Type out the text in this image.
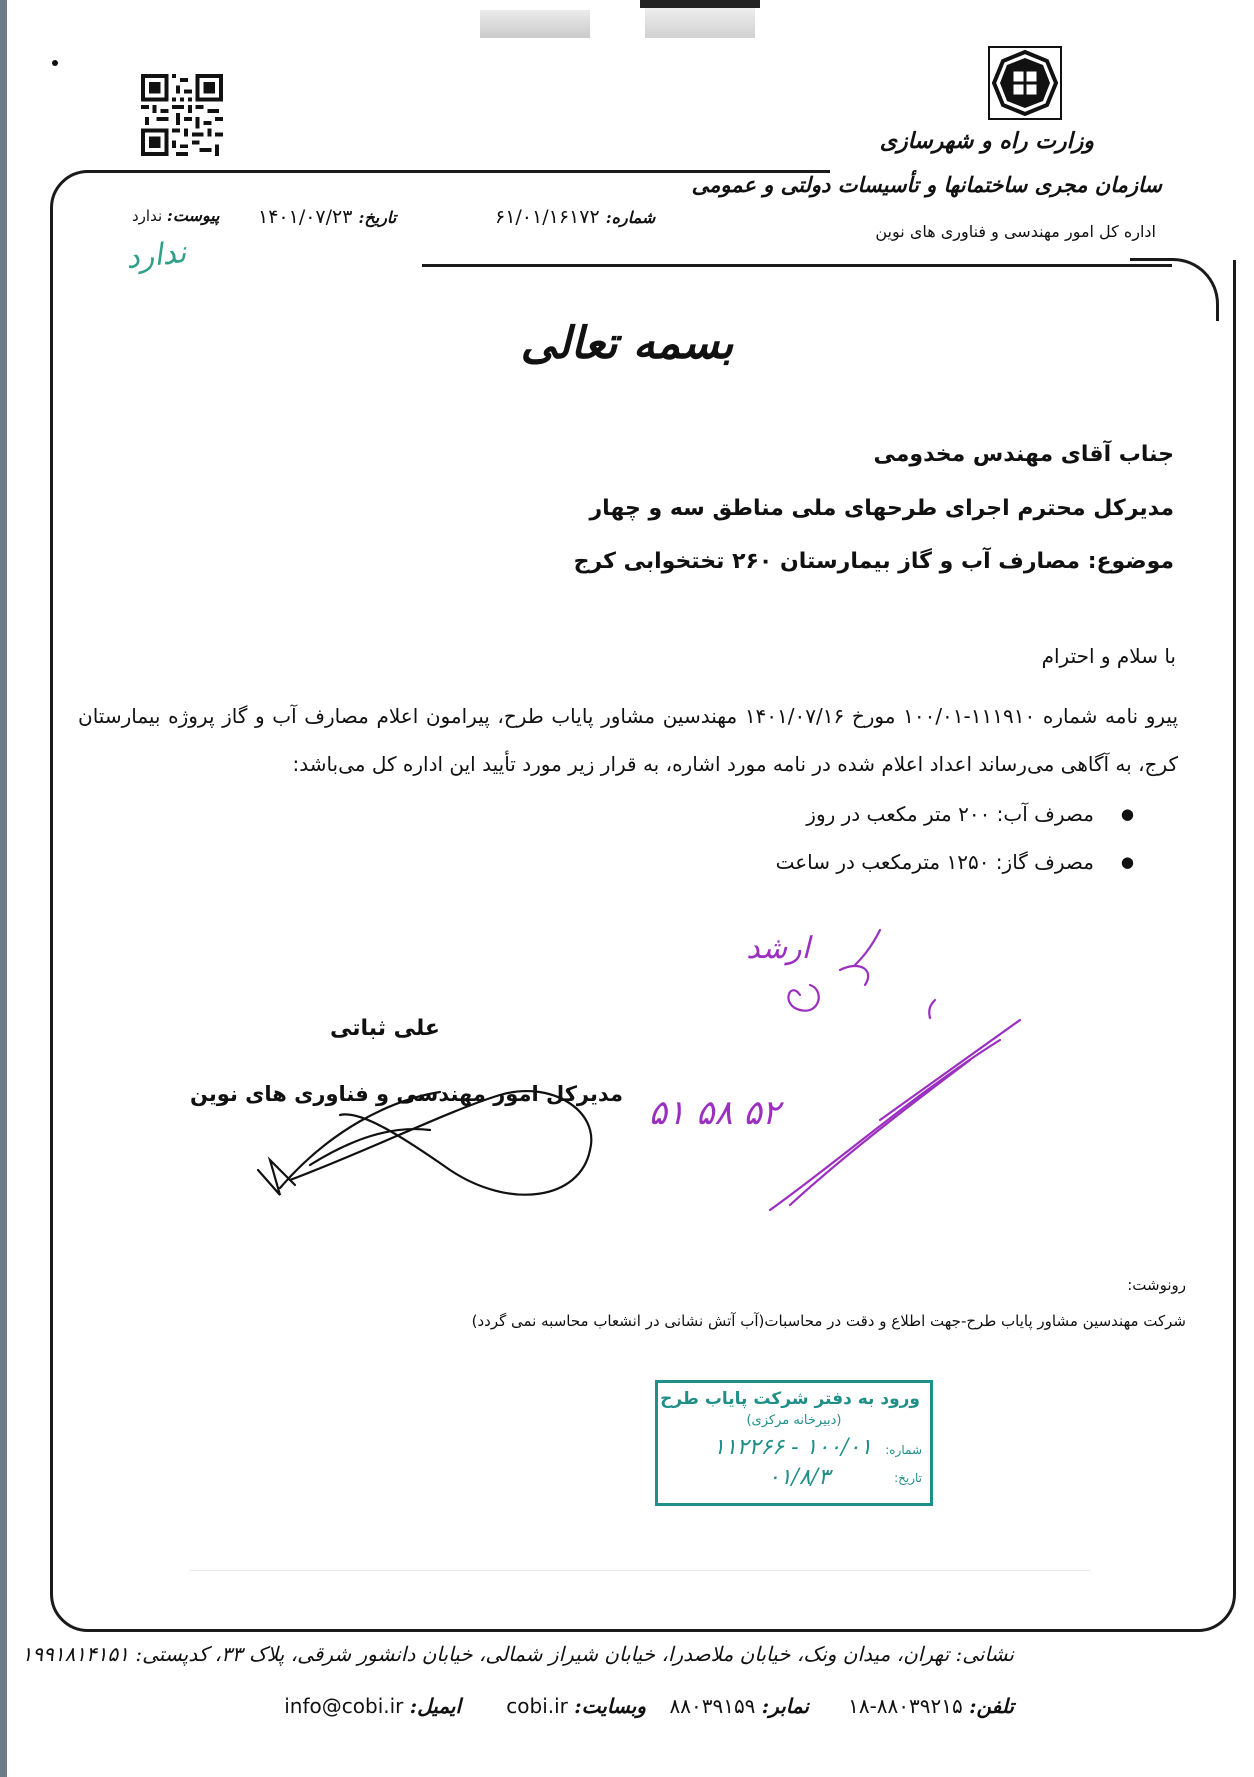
وزارت راه و شهرسازی
سازمان مجری ساختمانها و تأسیسات دولتی و عمومی
اداره کل امور مهندسی و فناوری های نوین
شماره: ۶۱/۰۱/۱۶۱۷۲
تاریخ: ۱۴۰۱/۰۷/۲۳
پیوست: ندارد
ندارد
بسمه تعالی
جناب آقای مهندس مخدومی
مدیرکل محترم اجرای طرحهای ملی مناطق سه و چهار
موضوع: مصارف آب و گاز بیمارستان ۲۶۰ تختخوابی کرج
با سلام و احترام
پیرو نامه شماره ۱۱۱۹۱۰-۱۰۰/۰۱ مورخ ۱۴۰۱/۰۷/۱۶ مهندسین مشاور پایاب طرح، پیرامون اعلام مصارف آب و گاز پروژه بیمارستان کرج، به آگاهی می‌رساند اعداد اعلام شده در نامه مورد اشاره، به قرار زیر مورد تأیید این اداره کل می‌باشد:
● مصرف آب: ۲۰۰ متر مکعب در روز
● مصرف گاز: ۱۲۵۰ مترمکعب در ساعت
۵۲ ۵۸ ۵۱
ارشد
علی ثباتی
مدیرکل امور مهندسی و فناوری های نوین
رونوشت:
شرکت مهندسین مشاور پایاب طرح-جهت اطلاع و دقت در محاسبات(آب آتش نشانی در انشعاب محاسبه نمی گردد)
ورود به دفتر شرکت پایاب طرح
(دبیرخانه مرکزی)
شماره:
۱۰۰/۰۱ - ۱۱۲۲۶۶
تاریخ:
۰۱/۸/۳
نشانی: تهران، میدان ونک، خیابان ملاصدرا، خیابان شیراز شمالی، خیابان دانشور شرقی، پلاک ۳۳، کدپستی: ۱۹۹۱۸۱۴۱۵۱
تلفن: ۸۸۰۳۹۲۱۵-۱۸
نمابر: ۸۸۰۳۹۱۵۹
وبسایت: cobi.ir
ایمیل: info@cobi.ir
